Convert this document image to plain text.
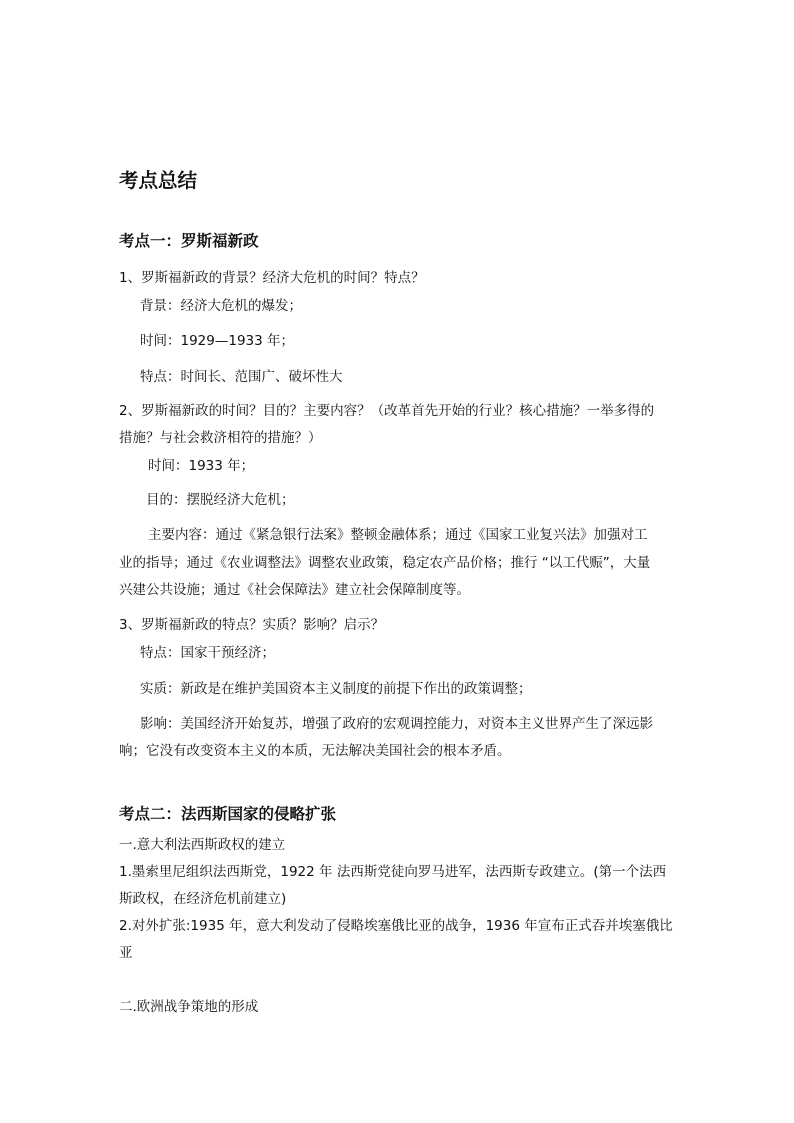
考点总结
考点一：罗斯福新政
1、罗斯福新政的背景？经济大危机的时间？特点？
背景：经济大危机的爆发；
时间：1929—1933 年；
特点：时间长、范围广、破坏性大
2、罗斯福新政的时间？目的？主要内容？（改革首先开始的行业？核心措施？一举多得的
措施？与社会救济相符的措施？）
时间：1933 年；
目的：摆脱经济大危机；
主要内容：通过《紧急银行法案》整顿金融体系；通过《国家工业复兴法》加强对工
业的指导；通过《农业调整法》调整农业政策，稳定农产品价格；推行 “以工代赈”，大量
兴建公共设施；通过《社会保障法》建立社会保障制度等。
3、罗斯福新政的特点？实质？影响？启示？
特点：国家干预经济；
实质：新政是在维护美国资本主义制度的前提下作出的政策调整；
影响：美国经济开始复苏，增强了政府的宏观调控能力，对资本主义世界产生了深远影
响；它没有改变资本主义的本质，无法解决美国社会的根本矛盾。
考点二：法西斯国家的侵略扩张
一.意大利法西斯政权的建立
1.墨索里尼组织法西斯党，1922 年 法西斯党徒向罗马进军，法西斯专政建立。(第一个法西
斯政权，在经济危机前建立)
2.对外扩张:1935 年，意大利发动了侵略埃塞俄比亚的战争，1936 年宣布正式吞并埃塞俄比
亚
二.欧洲战争策地的形成
